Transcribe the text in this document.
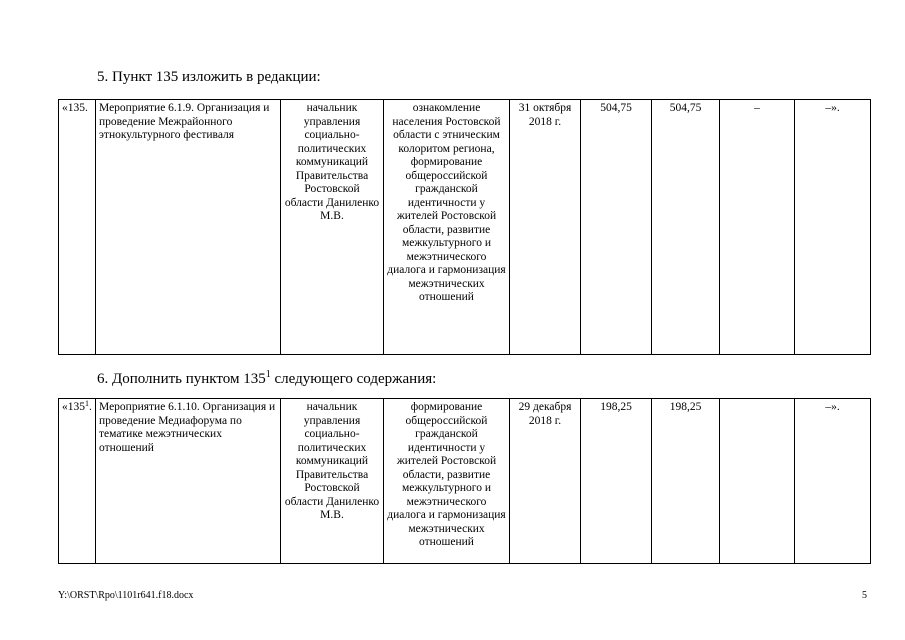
5. Пункт 135 изложить в редакции:
«135.	Мероприятие 6.1.9. Организация и проведение Межрайонного этнокультурного фестиваля	начальник управления социально-политических коммуникаций Правительства Ростовской области Даниленко М.В.	ознакомление населения Ростовской области с этническим колоритом региона, формирование общероссийской гражданской идентичности у жителей Ростовской области, развитие межкультурного и межэтнического диалога и гармонизация межэтнических отношений	31 октября 2018 г.	504,75	504,75	–	–».
6. Дополнить пунктом $135^1$ следующего содержания:
«$135^1$.	Мероприятие 6.1.10. Организация и проведение Медиафорума по тематике межэтнических отношений	начальник управления социально-политических коммуникаций Правительства Ростовской области Даниленко М.В.	формирование общероссийской гражданской идентичности у жителей Ростовской области, развитие межкультурного и межэтнического диалога и гармонизация межэтнических отношений	29 декабря 2018 г.	198,25	198,25		–».
Y:\ORST\Rpo\1101r641.f18.docx	5
